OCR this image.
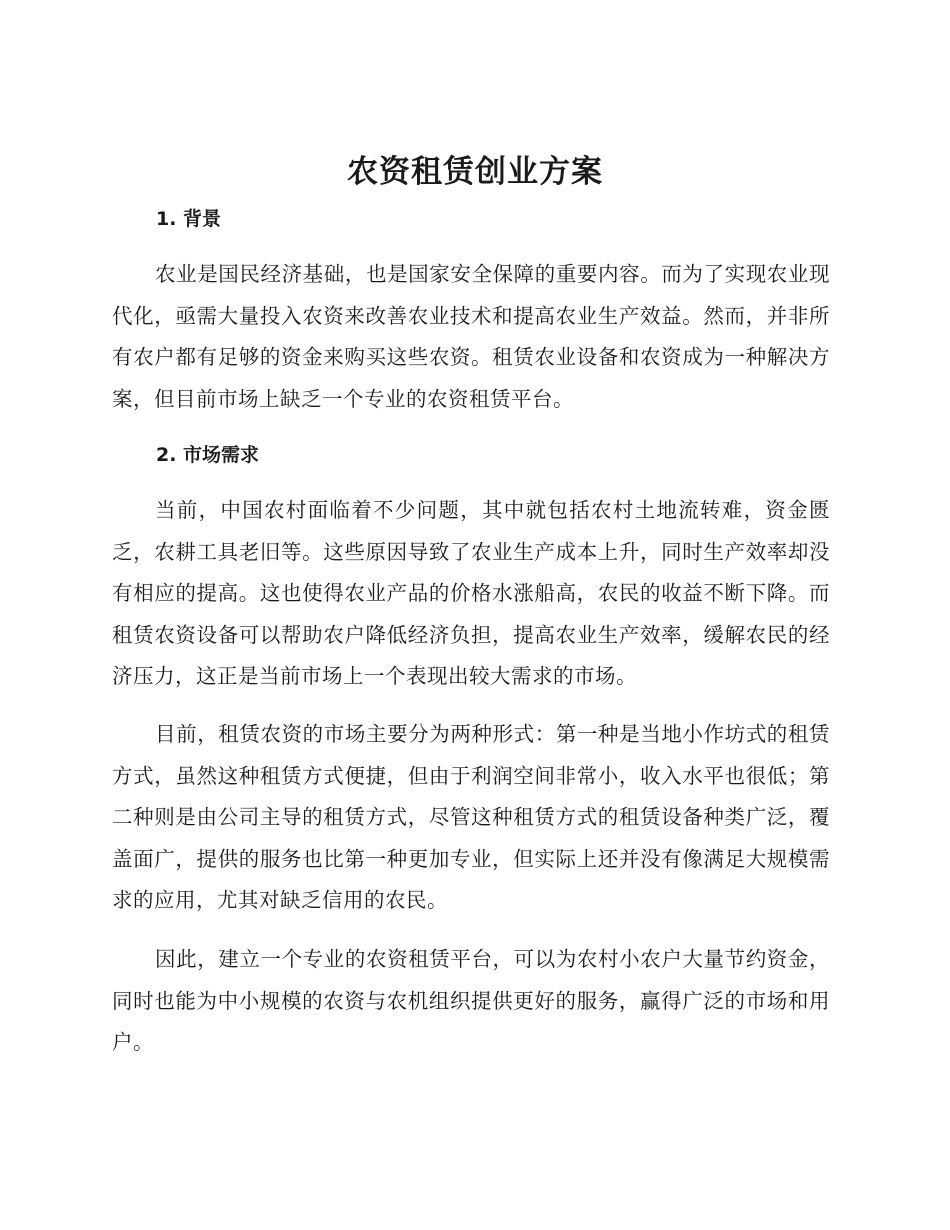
农资租赁创业方案
1. 背景

农业是国民经济基础，也是国家安全保障的重要内容。而为了实现农业现代化，亟需大量投入农资来改善农业技术和提高农业生产效益。然而，并非所有农户都有足够的资金来购买这些农资。租赁农业设备和农资成为一种解决方案，但目前市场上缺乏一个专业的农资租赁平台。

2. 市场需求

当前，中国农村面临着不少问题，其中就包括农村土地流转难，资金匮乏，农耕工具老旧等。这些原因导致了农业生产成本上升，同时生产效率却没有相应的提高。这也使得农业产品的价格水涨船高，农民的收益不断下降。而租赁农资设备可以帮助农户降低经济负担，提高农业生产效率，缓解农民的经济压力，这正是当前市场上一个表现出较大需求的市场。

目前，租赁农资的市场主要分为两种形式：第一种是当地小作坊式的租赁方式，虽然这种租赁方式便捷，但由于利润空间非常小，收入水平也很低；第二种则是由公司主导的租赁方式，尽管这种租赁方式的租赁设备种类广泛，覆盖面广，提供的服务也比第一种更加专业，但实际上还并没有像满足大规模需求的应用，尤其对缺乏信用的农民。

因此，建立一个专业的农资租赁平台，可以为农村小农户大量节约资金，同时也能为中小规模的农资与农机组织提供更好的服务，赢得广泛的市场和用户。
